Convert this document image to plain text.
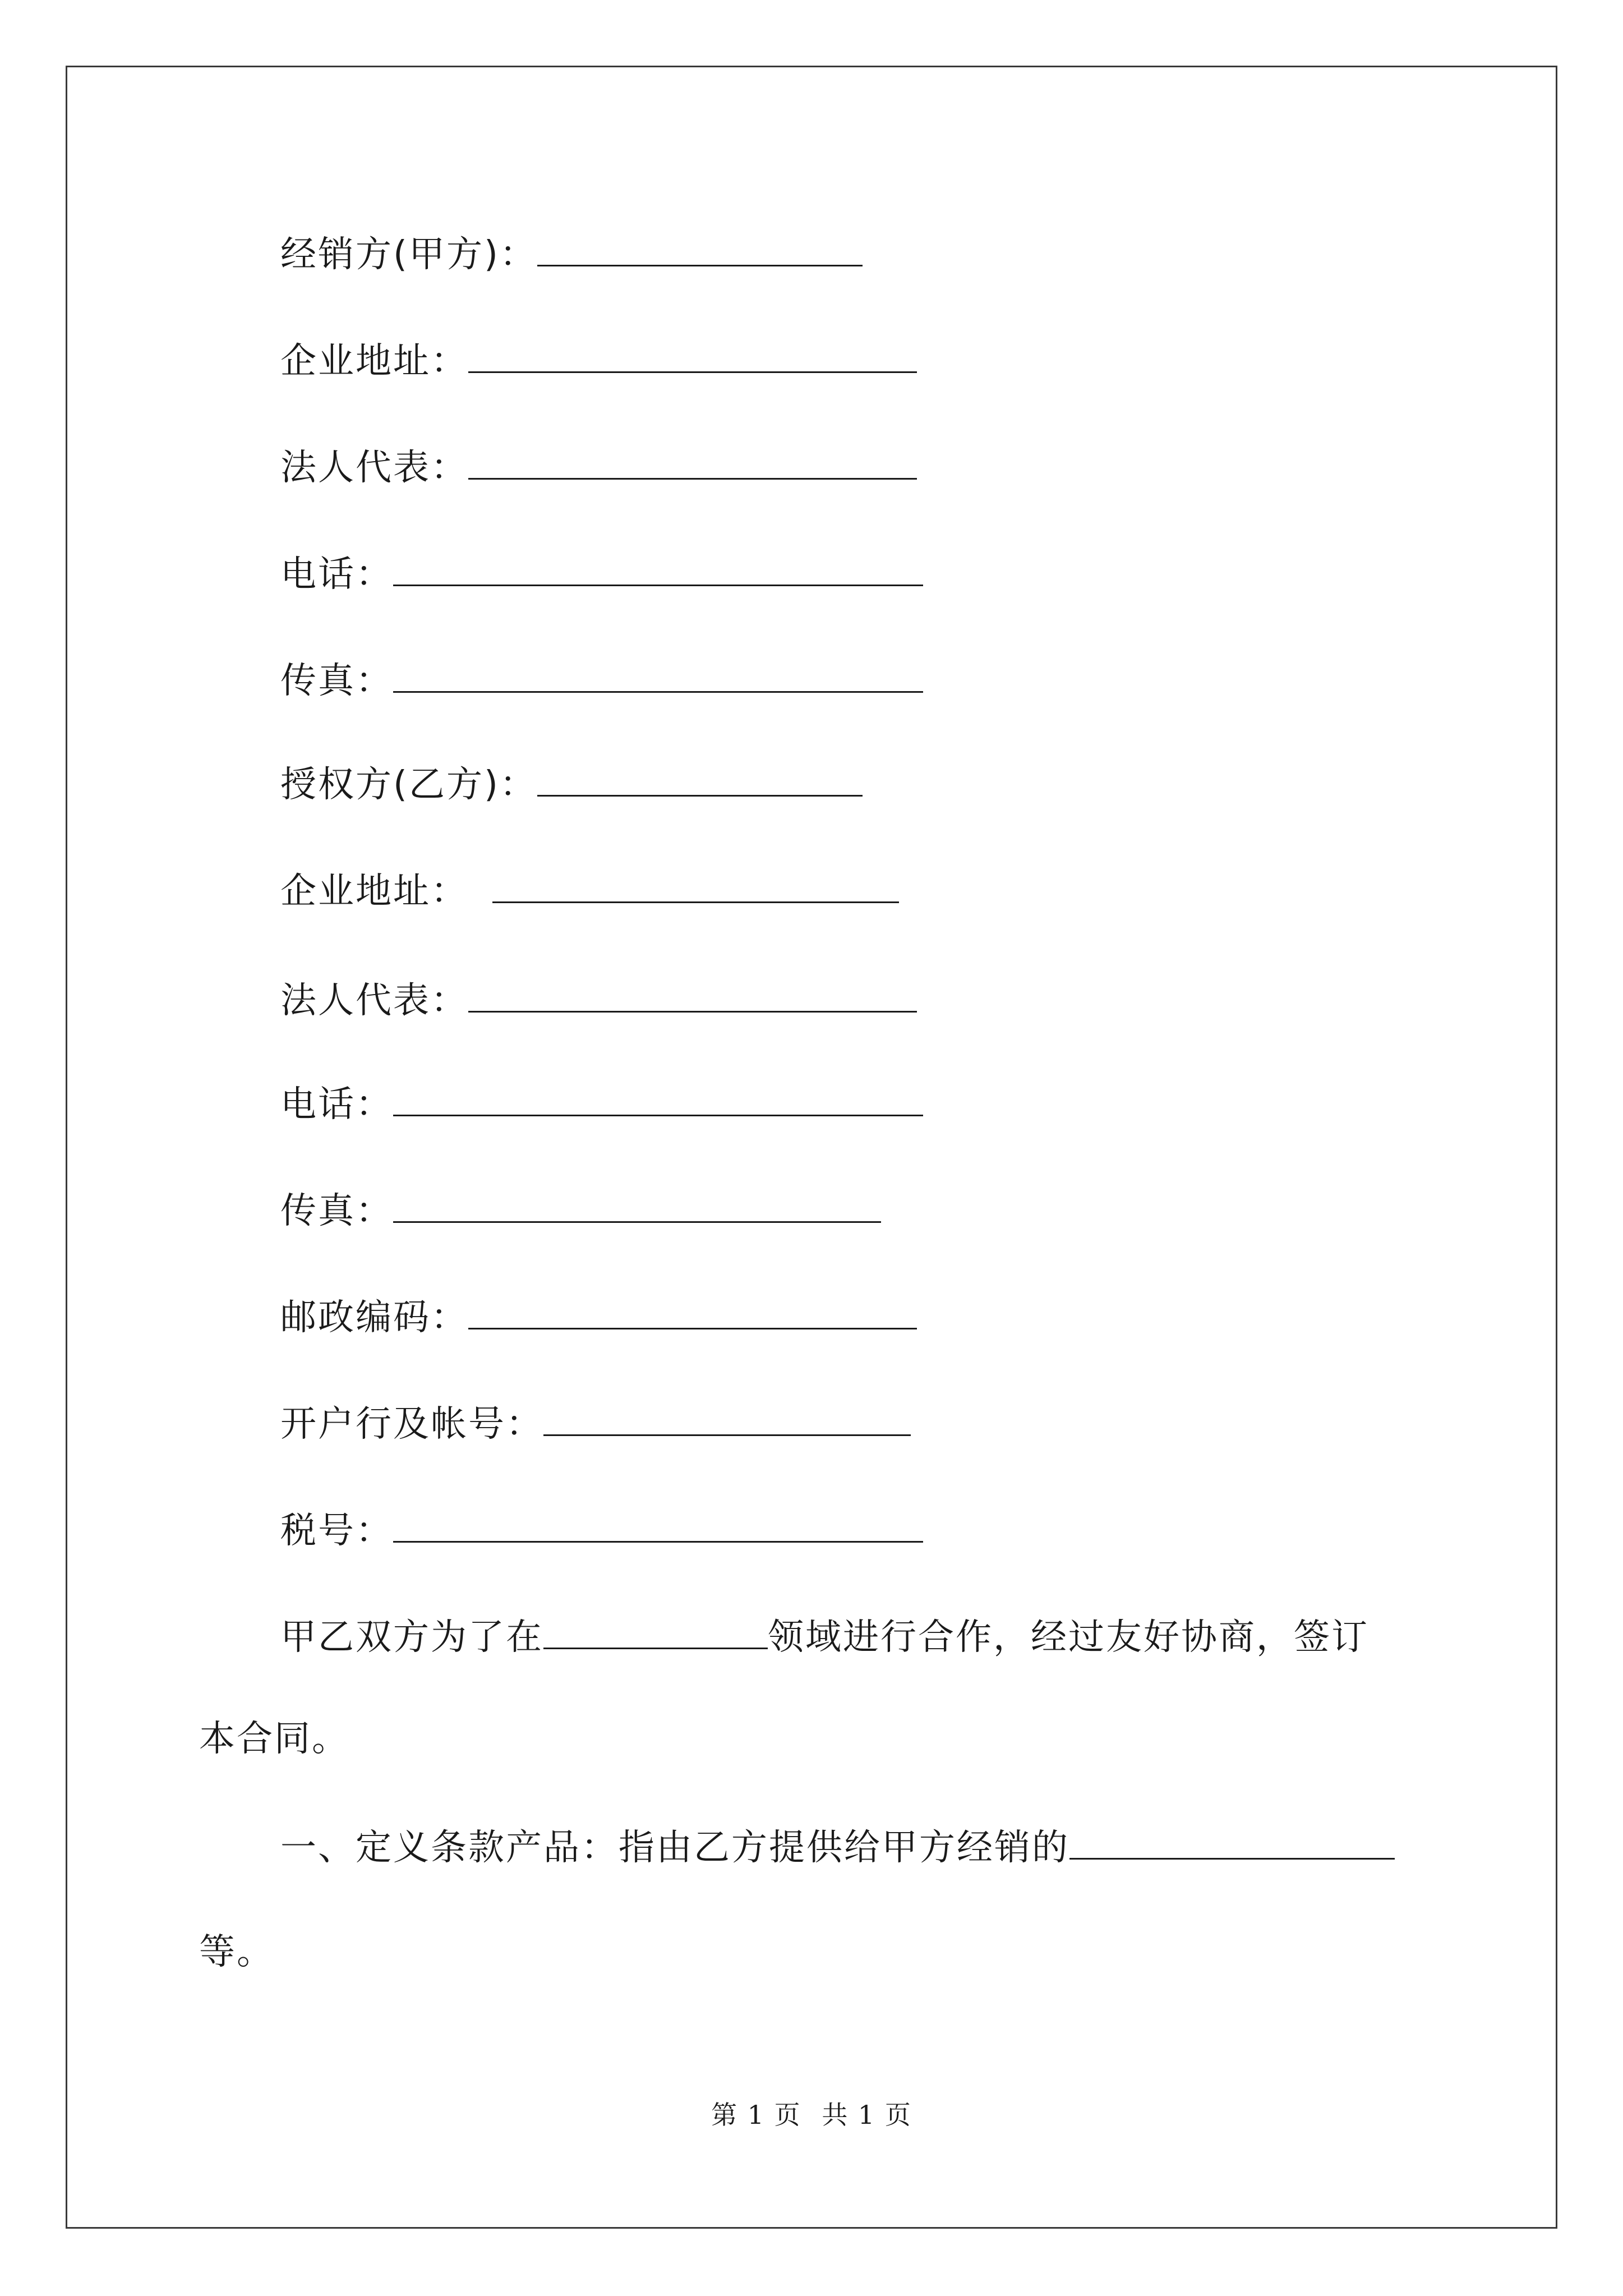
经销方(甲方)：
企业地址：
法人代表：
电话：
传真：
授权方(乙方)：
企业地址：
法人代表：
电话：
传真：
邮政编码：
开户行及帐号：
税号：
甲乙双方为了在	领域进行合作，经过友好协商，签订
本合同。
一、定义条款产品：指由乙方提供给甲方经销的
等。
第 1 页 共 1 页
